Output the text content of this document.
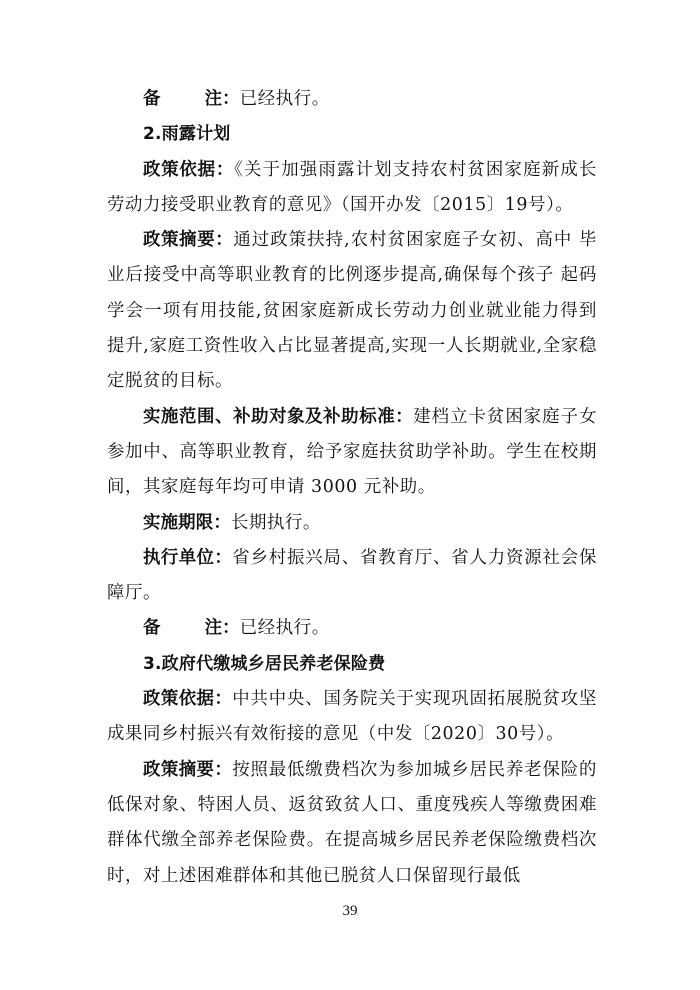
备	注：已经执行。

2.雨露计划

政策依据：《关于加强雨露计划支持农村贫困家庭新成长劳动力接受职业教育的意见》（国开办发〔2015〕19号）。

政策摘要：通过政策扶持,农村贫困家庭子女初、高中 毕业后接受中高等职业教育的比例逐步提高,确保每个孩子 起码学会一项有用技能,贫困家庭新成长劳动力创业就业能力得到提升,家庭工资性收入占比显著提高,实现一人长期就业,全家稳定脱贫的目标。

实施范围、补助对象及补助标准：建档立卡贫困家庭子女参加中、高等职业教育，给予家庭扶贫助学补助。学生在校期间，其家庭每年均可申请 3000 元补助。

实施期限：长期执行。

执行单位：省乡村振兴局、省教育厅、省人力资源社会保障厅。

备	注：已经执行。

3.政府代缴城乡居民养老保险费

政策依据：中共中央、国务院关于实现巩固拓展脱贫攻坚成果同乡村振兴有效衔接的意见（中发〔2020〕30号）。

政策摘要：按照最低缴费档次为参加城乡居民养老保险的低保对象、特困人员、返贫致贫人口、重度残疾人等缴费困难群体代缴全部养老保险费。在提高城乡居民养老保险缴费档次时，对上述困难群体和其他已脱贫人口保留现行最低

39
